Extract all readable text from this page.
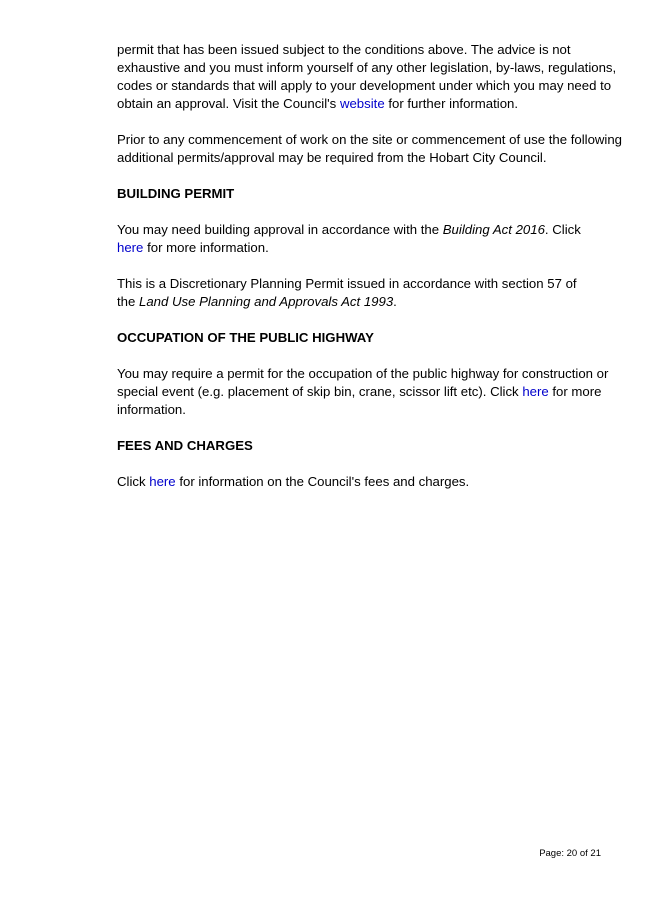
permit that has been issued subject to the conditions above. The advice is not
exhaustive and you must inform yourself of any other legislation, by-laws, regulations,
codes or standards that will apply to your development under which you may need to
obtain an approval. Visit the Council's website for further information.

Prior to any commencement of work on the site or commencement of use the following
additional permits/approval may be required from the Hobart City Council.

BUILDING PERMIT

You may need building approval in accordance with the Building Act 2016. Click
here for more information.

This is a Discretionary Planning Permit issued in accordance with section 57 of
the Land Use Planning and Approvals Act 1993.

OCCUPATION OF THE PUBLIC HIGHWAY

You may require a permit for the occupation of the public highway for construction or
special event (e.g. placement of skip bin, crane, scissor lift etc). Click here for more
information.

FEES AND CHARGES

Click here for information on the Council's fees and charges.

Page: 20 of 21
